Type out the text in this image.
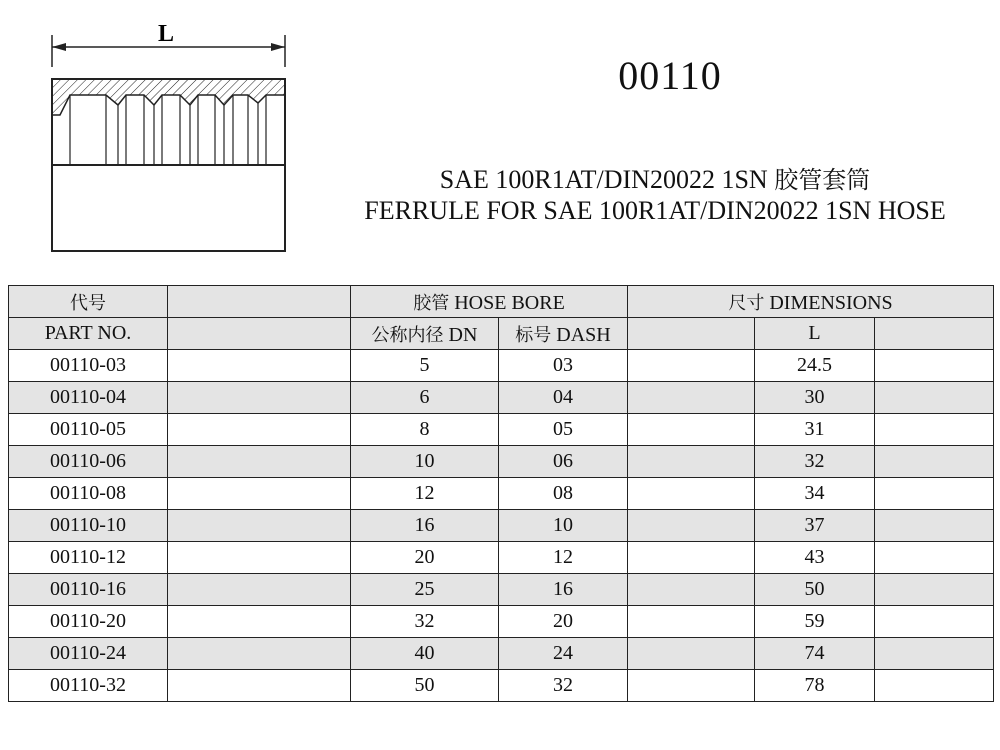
L
00110
SAE 100R1AT/DIN20022 1SN 胶管套筒
FERRULE FOR SAE 100R1AT/DIN20022 1SN HOSE
代号		胶管 HOSE BORE		尺寸 DIMENSIONS		
PART NO.		公称内径 DN	标号 DASH		L	
00110-03		5	03		24.5	
00110-04		6	04		30	
00110-05		8	05		31	
00110-06		10	06		32	
00110-08		12	08		34	
00110-10		16	10		37	
00110-12		20	12		43	
00110-16		25	16		50	
00110-20		32	20		59	
00110-24		40	24		74	
00110-32		50	32		78	
